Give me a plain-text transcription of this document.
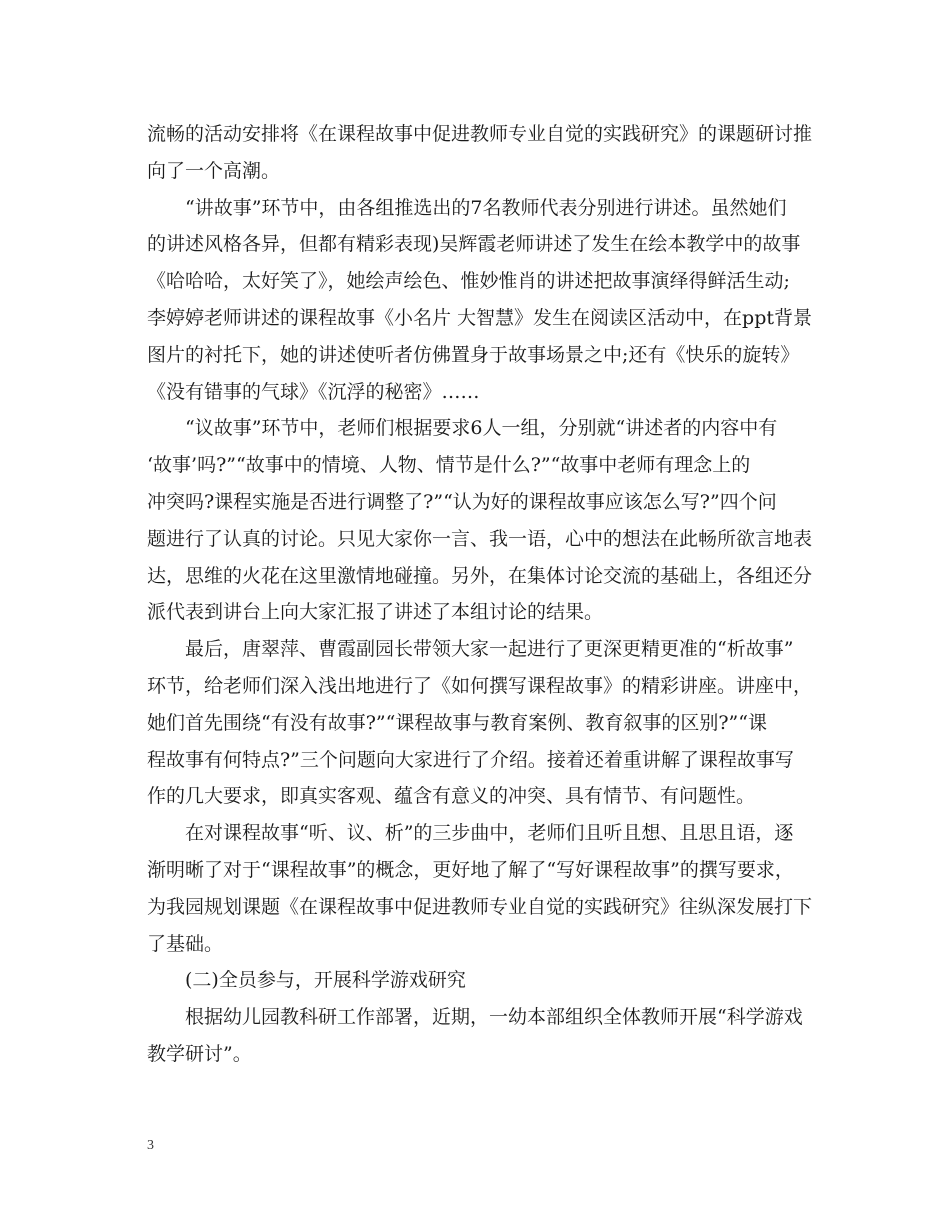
流畅的活动安排将《在课程故事中促进教师专业自觉的实践研究》的课题研讨推
向了一个高潮。
“讲故事”环节中，由各组推选出的7名教师代表分别进行讲述。虽然她们
的讲述风格各异，但都有精彩表现)吴辉霞老师讲述了发生在绘本教学中的故事
《哈哈哈，太好笑了》，她绘声绘色、惟妙惟肖的讲述把故事演绎得鲜活生动;
李婷婷老师讲述的课程故事《小名片 大智慧》发生在阅读区活动中，在ppt背景
图片的衬托下，她的讲述使听者仿佛置身于故事场景之中;还有《快乐的旋转》
《没有错事的气球》《沉浮的秘密》……
“议故事”环节中，老师们根据要求6人一组，分别就“讲述者的内容中有
‘故事’吗?”“故事中的情境、人物、情节是什么?”“故事中老师有理念上的
冲突吗?课程实施是否进行调整了?”“认为好的课程故事应该怎么写?”四个问
题进行了认真的讨论。只见大家你一言、我一语，心中的想法在此畅所欲言地表
达，思维的火花在这里激情地碰撞。另外，在集体讨论交流的基础上，各组还分
派代表到讲台上向大家汇报了讲述了本组讨论的结果。
最后，唐翠萍、曹霞副园长带领大家一起进行了更深更精更准的“析故事”
环节，给老师们深入浅出地进行了《如何撰写课程故事》的精彩讲座。讲座中，
她们首先围绕“有没有故事?”“课程故事与教育案例、教育叙事的区别?”“课
程故事有何特点?”三个问题向大家进行了介绍。接着还着重讲解了课程故事写
作的几大要求，即真实客观、蕴含有意义的冲突、具有情节、有问题性。
在对课程故事“听、议、析”的三步曲中，老师们且听且想、且思且语，逐
渐明晰了对于“课程故事”的概念，更好地了解了“写好课程故事”的撰写要求，
为我园规划课题《在课程故事中促进教师专业自觉的实践研究》往纵深发展打下
了基础。
(二)全员参与，开展科学游戏研究
根据幼儿园教科研工作部署，近期，一幼本部组织全体教师开展“科学游戏
教学研讨”。
3
